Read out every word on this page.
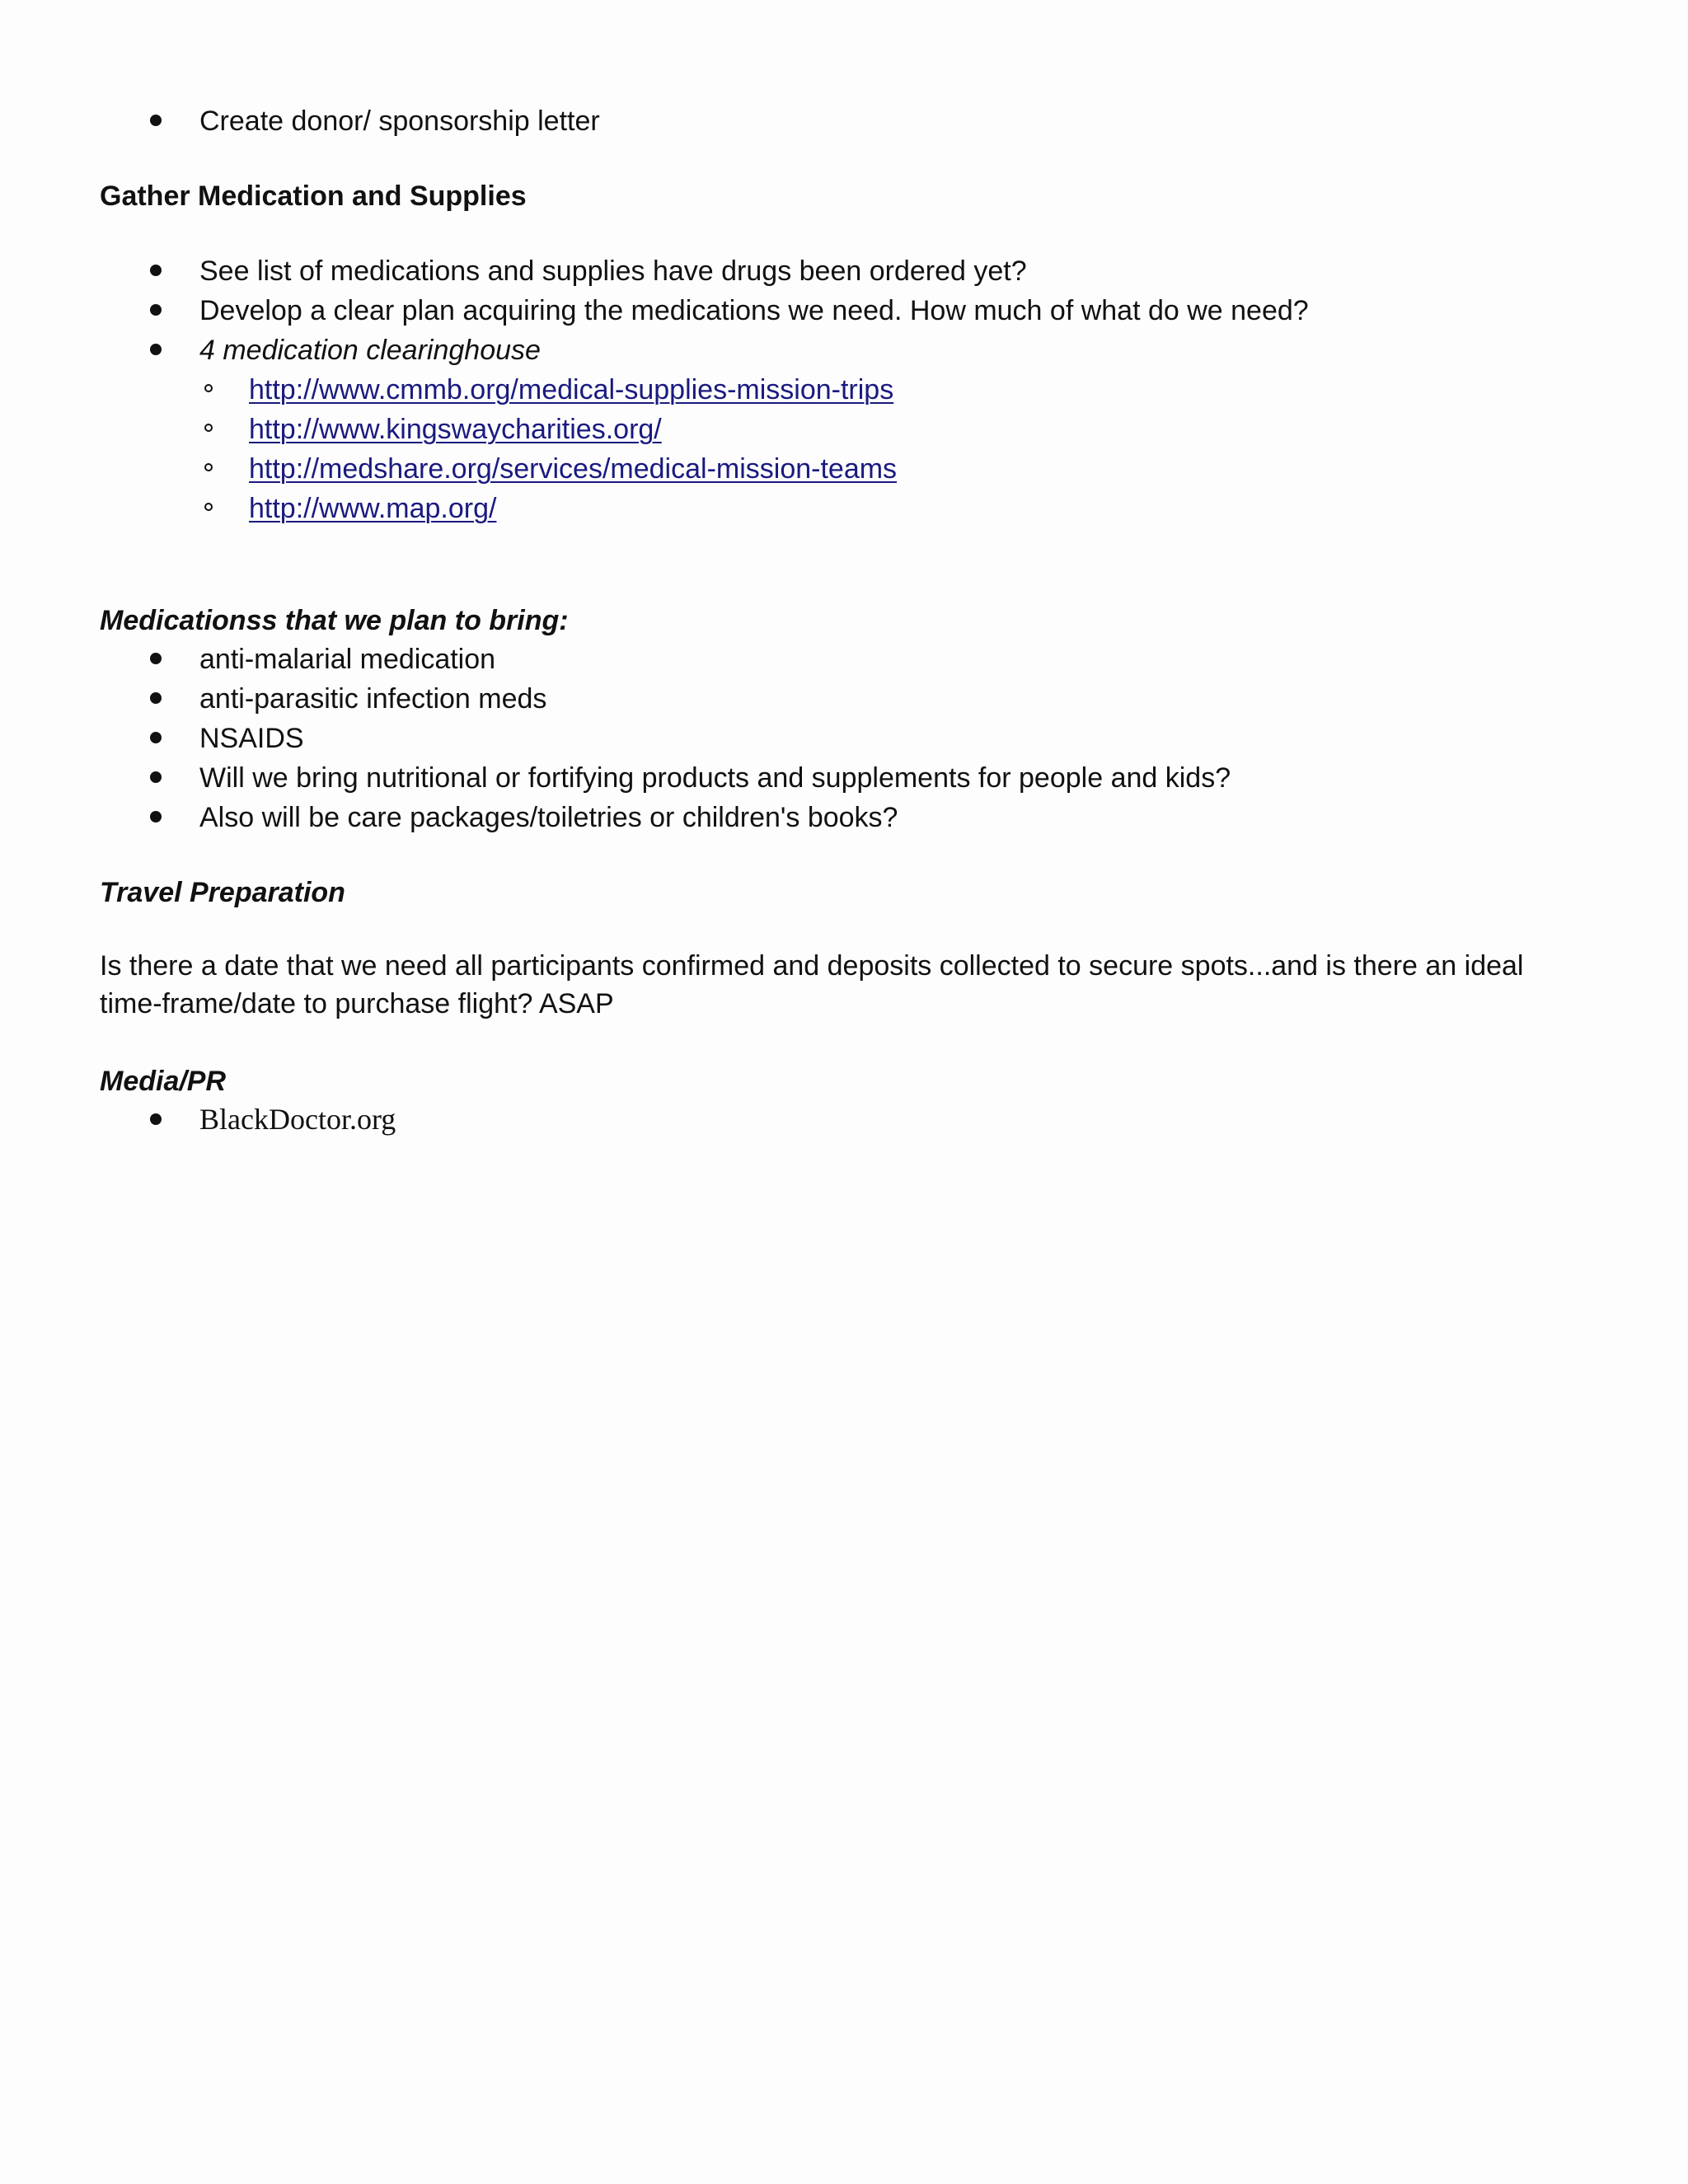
Create donor/ sponsorship letter
Gather Medication and Supplies
See list of medications and supplies have drugs been ordered yet?
Develop a clear plan acquiring the medications we need. How much of what do we need?
4 medication clearinghouse
http://www.cmmb.org/medical-supplies-mission-trips
http://www.kingswaycharities.org/
http://medshare.org/services/medical-mission-teams
http://www.map.org/
Medicationss that we plan to bring:
anti-malarial medication
anti-parasitic infection meds
NSAIDS
Will we bring nutritional or fortifying products and supplements for people and kids?
Also will be care packages/toiletries or children's books?
Travel Preparation
Is there a date that we need all participants confirmed and deposits collected to secure spots...and is there an ideal time-frame/date to purchase flight? ASAP
Media/PR
BlackDoctor.org
